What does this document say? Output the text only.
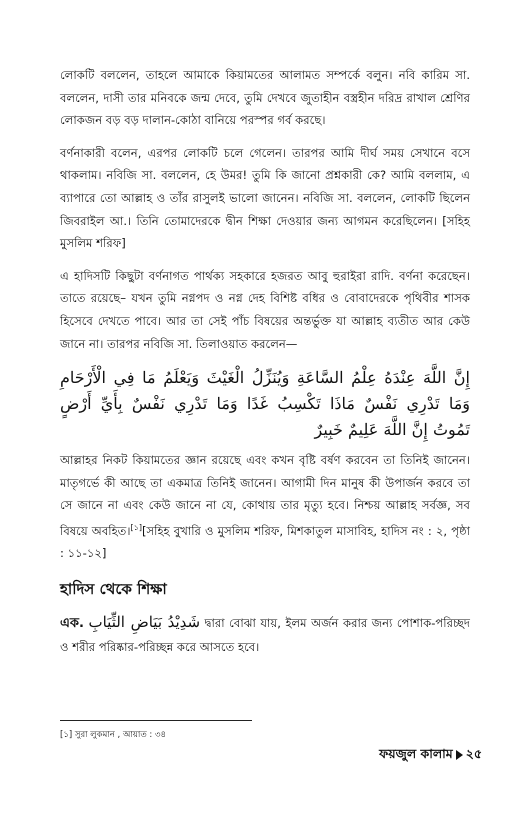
লোকটি বললেন, তাহলে আমাকে কিয়ামতের আলামত সম্পর্কে বলুন। নবি কারিম সা. বললেন, দাসী তার মনিবকে জন্ম দেবে, তুমি দেখবে জুতাহীন বস্ত্রহীন দরিদ্র রাখাল শ্রেণির লোকজন বড় বড় দালান-কোঠা বানিয়ে পরস্পর গর্ব করছে।

বর্ণনাকারী বলেন, এরপর লোকটি চলে গেলেন। তারপর আমি দীর্ঘ সময় সেখানে বসে থাকলাম। নবিজি সা. বললেন, হে উমর! তুমি কি জানো প্রশ্নকারী কে? আমি বললাম, এ ব্যাপারে তো আল্লাহ ও তাঁর রাসুলই ভালো জানেন। নবিজি সা. বললেন, লোকটি ছিলেন জিবরাইল আ.। তিনি তোমাদেরকে দ্বীন শিক্ষা দেওয়ার জন্য আগমন করেছিলেন। [সহিহ মুসলিম শরিফ]

এ হাদিসটি কিছুটা বর্ণনাগত পার্থক্য সহকারে হজরত আবু হুরাইরা রাদি. বর্ণনা করেছেন। তাতে রয়েছে– যখন তুমি নগ্নপদ ও নগ্ন দেহ বিশিষ্ট বধির ও বোবাদেরকে পৃথিবীর শাসক হিসেবে দেখতে পাবে। আর তা সেই পাঁচ বিষয়ের অন্তর্ভুক্ত যা আল্লাহ ব্যতীত আর কেউ জানে না। তারপর নবিজি সা. তিলাওয়াত করলেন—

إِنَّ اللَّهَ عِنْدَهُ عِلْمُ السَّاعَةِ وَيُنَزِّلُ الْغَيْثَ وَيَعْلَمُ مَا فِي الْأَرْحَامِ وَمَا تَدْرِي نَفْسٌ مَاذَا تَكْسِبُ غَدًا وَمَا تَدْرِي نَفْسٌ بِأَيِّ أَرْضٍ تَمُوتُ إِنَّ اللَّهَ عَلِيمٌ خَبِيرٌ

আল্লাহর নিকট কিয়ামতের জ্ঞান রয়েছে এবং কখন বৃষ্টি বর্ষণ করবেন তা তিনিই জানেন। মাতৃগর্ভে কী আছে তা একমাত্র তিনিই জানেন। আগামী দিন মানুষ কী উপার্জন করবে তা সে জানে না এবং কেউ জানে না যে, কোথায় তার মৃত্যু হবে। নিশ্চয় আল্লাহ সর্বজ্ঞ, সব বিষয়ে অবহিত।[১][সহিহ বুখারি ও মুসলিম শরিফ, মিশকাতুল মাসাবিহ, হাদিস নং : ২, পৃষ্ঠা : ১১-১২]

হাদিস থেকে শিক্ষা

এক. شَدِيْدُ بَيَاضِ الثِّيَابِ দ্বারা বোঝা যায়, ইলম অর্জন করার জন্য পোশাক-পরিচ্ছদ ও শরীর পরিষ্কার-পরিচ্ছন্ন করে আসতে হবে।

[১] সুরা লুকমান , আয়াত : ৩৪
ফয়জুল কালাম ২৫
